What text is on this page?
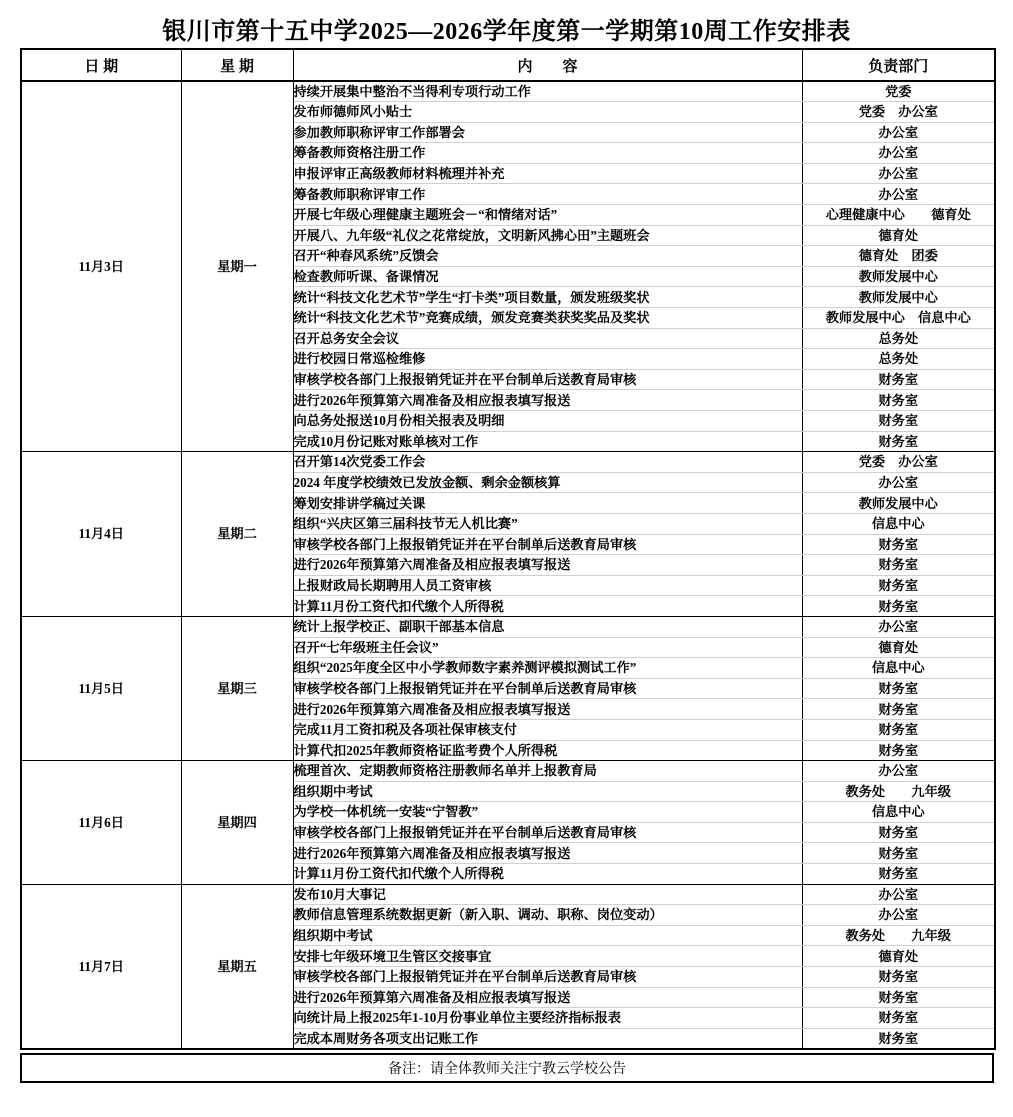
银川市第十五中学2025—2026学年度第一学期第10周工作安排表
日 期	星 期	内　　容	负责部门
11月3日	星期一	持续开展集中整治不当得利专项行动工作	党委
		发布师德师风小贴士	党委　办公室
		参加教师职称评审工作部署会	办公室
		筹备教师资格注册工作	办公室
		申报评审正高级教师材料梳理并补充	办公室
		筹备教师职称评审工作	办公室
		开展七年级心理健康主题班会－“和情绪对话”	心理健康中心　　德育处
		开展八、九年级“礼仪之花常绽放，文明新风拂心田”主题班会	德育处
		召开“种春风系统”反馈会	德育处　团委
		检查教师听课、备课情况	教师发展中心
		统计“科技文化艺术节”学生“打卡类”项目数量，颁发班级奖状	教师发展中心
		统计“科技文化艺术节”竞赛成绩，颁发竞赛类获奖奖品及奖状	教师发展中心　信息中心
		召开总务安全会议	总务处
		进行校园日常巡检维修	总务处
		审核学校各部门上报报销凭证并在平台制单后送教育局审核	财务室
		进行2026年预算第六周准备及相应报表填写报送	财务室
		向总务处报送10月份相关报表及明细	财务室
		完成10月份记账对账单核对工作	财务室
11月4日	星期二	召开第14次党委工作会	党委　办公室
		2024 年度学校绩效已发放金额、剩余金额核算	办公室
		筹划安排讲学稿过关课	教师发展中心
		组织“兴庆区第三届科技节无人机比赛”	信息中心
		审核学校各部门上报报销凭证并在平台制单后送教育局审核	财务室
		进行2026年预算第六周准备及相应报表填写报送	财务室
		上报财政局长期聘用人员工资审核	财务室
		计算11月份工资代扣代缴个人所得税	财务室
11月5日	星期三	统计上报学校正、副职干部基本信息	办公室
		召开“七年级班主任会议”	德育处
		组织“2025年度全区中小学教师数字素养测评模拟测试工作”	信息中心
		审核学校各部门上报报销凭证并在平台制单后送教育局审核	财务室
		进行2026年预算第六周准备及相应报表填写报送	财务室
		完成11月工资扣税及各项社保审核支付	财务室
		计算代扣2025年教师资格证监考费个人所得税	财务室
11月6日	星期四	梳理首次、定期教师资格注册教师名单并上报教育局	办公室
		组织期中考试	教务处　　九年级
		为学校一体机统一安装“宁智教”	信息中心
		审核学校各部门上报报销凭证并在平台制单后送教育局审核	财务室
		进行2026年预算第六周准备及相应报表填写报送	财务室
		计算11月份工资代扣代缴个人所得税	财务室
11月7日	星期五	发布10月大事记	办公室
		教师信息管理系统数据更新（新入职、调动、职称、岗位变动）	办公室
		组织期中考试	教务处　　九年级
		安排七年级环境卫生管区交接事宜	德育处
		审核学校各部门上报报销凭证并在平台制单后送教育局审核	财务室
		进行2026年预算第六周准备及相应报表填写报送	财务室
		向统计局上报2025年1-10月份事业单位主要经济指标报表	财务室
		完成本周财务各项支出记账工作	财务室
备注：请全体教师关注宁教云学校公告
